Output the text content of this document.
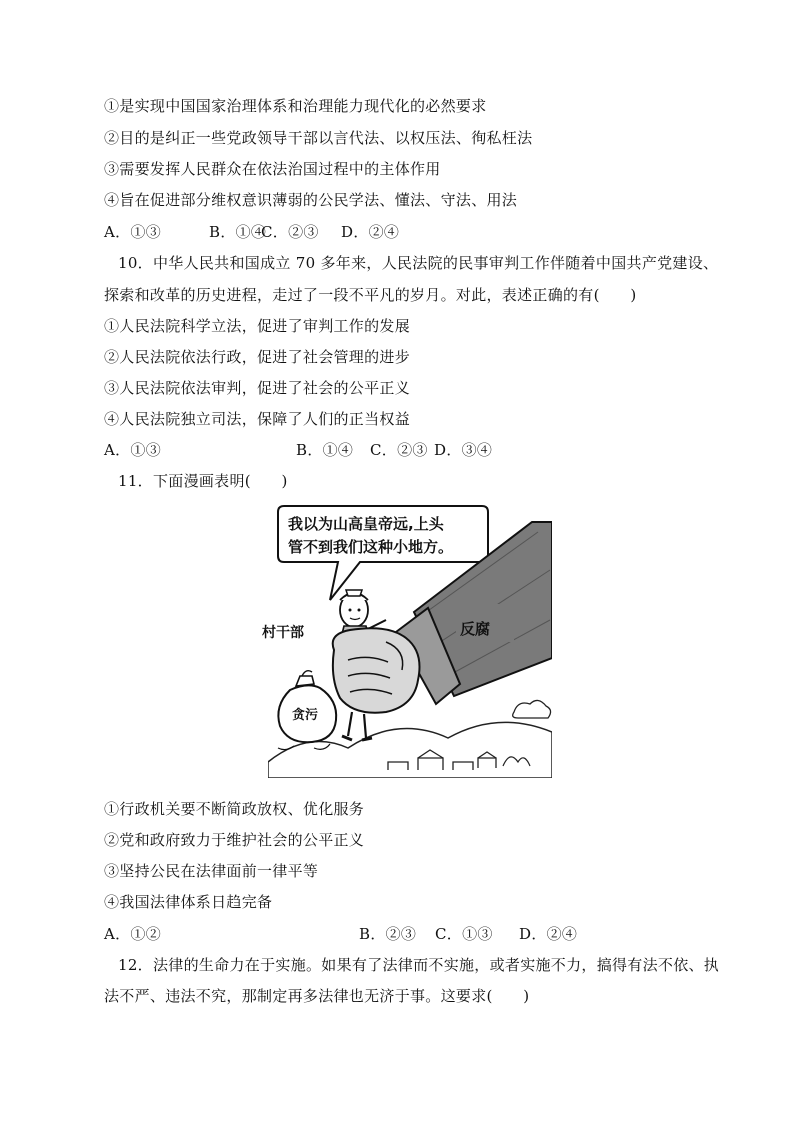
①是实现中国国家治理体系和治理能力现代化的必然要求
②目的是纠正一些党政领导干部以言代法、以权压法、徇私枉法
③需要发挥人民群众在依法治国过程中的主体作用
④旨在促进部分维权意识薄弱的公民学法、懂法、守法、用法
A．①③	B．①④C．②③ D．②④
10．中华人民共和国成立 70 多年来，人民法院的民事审判工作伴随着中国共产党建设、
探索和改革的历史进程，走过了一段不平凡的岁月。对此，表述正确的有(　　)
①人民法院科学立法，促进了审判工作的发展
②人民法院依法行政，促进了社会管理的进步
③人民法院依法审判，促进了社会的公平正义
④人民法院独立司法，保障了人们的正当权益
A．①③	B．①④ C．②③ D．③④
11．下面漫画表明(　　)
我以为山高皇帝远,上头
管不到我们这种小地方。
村干部	反腐
贪污
①行政机关要不断简政放权、优化服务
②党和政府致力于维护社会的公平正义
③坚持公民在法律面前一律平等
④我国法律体系日趋完备
A．①②	B．②③ C．①③ D．②④
12．法律的生命力在于实施。如果有了法律而不实施，或者实施不力，搞得有法不依、执
法不严、违法不究，那制定再多法律也无济于事。这要求(　　)
